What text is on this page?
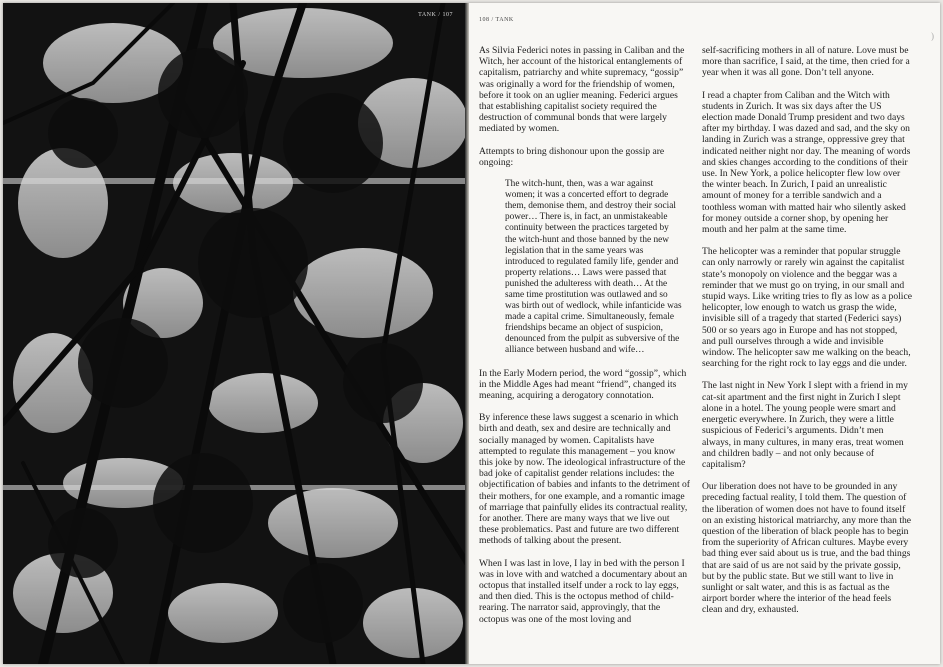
TANK / 107
108 / TANK
)

As Silvia Federici notes in passing in Caliban and the Witch, her account of the historical entanglements of capitalism, patriarchy and white supremacy, “gossip” was originally a word for the friendship of women, before it took on an uglier meaning. Federici argues that establishing capitalist society required the destruction of communal bonds that were largely mediated by women.

Attempts to bring dishonour upon the gossip are ongoing:

The witch-hunt, then, was a war against women; it was a concerted effort to degrade them, demonise them, and destroy their social power… There is, in fact, an unmistakeable continuity between the practices targeted by the witch-hunt and those banned by the new legislation that in the same years was introduced to regulated family life, gender and property relations… Laws were passed that punished the adulteress with death… At the same time prostitution was outlawed and so was birth out of wedlock, while infanticide was made a capital crime. Simultaneously, female friendships became an object of suspicion, denounced from the pulpit as subversive of the alliance between husband and wife…

In the Early Modern period, the word “gossip”, which in the Middle Ages had meant “friend”, changed its meaning, acquiring a derogatory connotation.

By inference these laws suggest a scenario in which birth and death, sex and desire are technically and socially managed by women. Capitalists have attempted to regulate this management – you know this joke by now. The ideological infrastructure of the bad joke of capitalist gender relations includes: the objectification of babies and infants to the detriment of their mothers, for one example, and a romantic image of marriage that painfully elides its contractual reality, for another. There are many ways that we live out these problematics. Past and future are two different methods of talking about the present.

When I was last in love, I lay in bed with the person I was in love with and watched a documentary about an octopus that installed itself under a rock to lay eggs, and then died. This is the octopus method of child-rearing. The narrator said, approvingly, that the octopus was one of the most loving and

self-sacrificing mothers in all of nature. Love must be more than sacrifice, I said, at the time, then cried for a year when it was all gone. Don’t tell anyone.

I read a chapter from Caliban and the Witch with students in Zurich. It was six days after the US election made Donald Trump president and two days after my birthday. I was dazed and sad, and the sky on landing in Zurich was a strange, oppressive grey that indicated neither night nor day. The meaning of words and skies changes according to the conditions of their use. In New York, a police helicopter flew low over the winter beach. In Zurich, I paid an unrealistic amount of money for a terrible sandwich and a toothless woman with matted hair who silently asked for money outside a corner shop, by opening her mouth and her palm at the same time.

The helicopter was a reminder that popular struggle can only narrowly or rarely win against the capitalist state’s monopoly on violence and the beggar was a reminder that we must go on trying, in our small and stupid ways. Like writing tries to fly as low as a police helicopter, low enough to watch us grasp the wide, invisible sill of a tragedy that started (Federici says) 500 or so years ago in Europe and has not stopped, and pull ourselves through a wide and invisible window. The helicopter saw me walking on the beach, searching for the right rock to lay eggs and die under.

The last night in New York I slept with a friend in my cat-sit apartment and the first night in Zurich I slept alone in a hotel. The young people were smart and energetic everywhere. In Zurich, they were a little suspicious of Federici’s arguments. Didn’t men always, in many cultures, in many eras, treat women and children badly – and not only because of capitalism?

Our liberation does not have to be grounded in any preceding factual reality, I told them. The question of the liberation of women does not have to found itself on an existing historical matriarchy, any more than the question of the liberation of black people has to begin from the superiority of African cultures. Maybe every bad thing ever said about us is true, and the bad things that are said of us are not said by the private gossip, but by the public state. But we still want to live in sunlight or salt water, and this is as factual as the airport border where the interior of the head feels clean and dry, exhausted.
